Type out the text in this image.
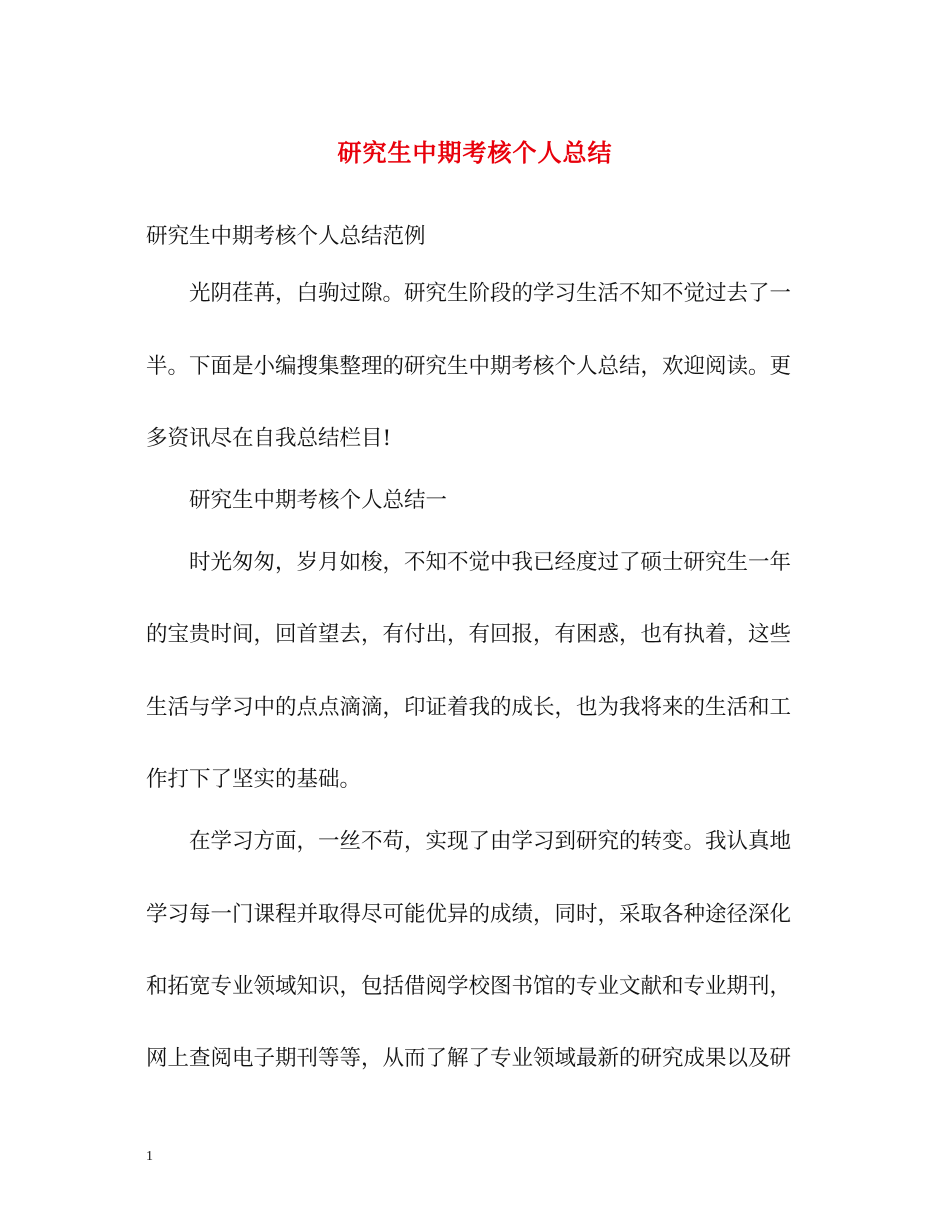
研究生中期考核个人总结
研究生中期考核个人总结范例
光阴荏苒，白驹过隙。研究生阶段的学习生活不知不觉过去了一
半。下面是小编搜集整理的研究生中期考核个人总结，欢迎阅读。更
多资讯尽在自我总结栏目!
研究生中期考核个人总结一
时光匆匆，岁月如梭，不知不觉中我已经度过了硕士研究生一年
的宝贵时间，回首望去，有付出，有回报，有困惑，也有执着，这些
生活与学习中的点点滴滴，印证着我的成长，也为我将来的生活和工
作打下了坚实的基础。
在学习方面，一丝不苟，实现了由学习到研究的转变。我认真地
学习每一门课程并取得尽可能优异的成绩，同时，采取各种途径深化
和拓宽专业领域知识，包括借阅学校图书馆的专业文献和专业期刊，
网上查阅电子期刊等等，从而了解了专业领域最新的研究成果以及研
1
